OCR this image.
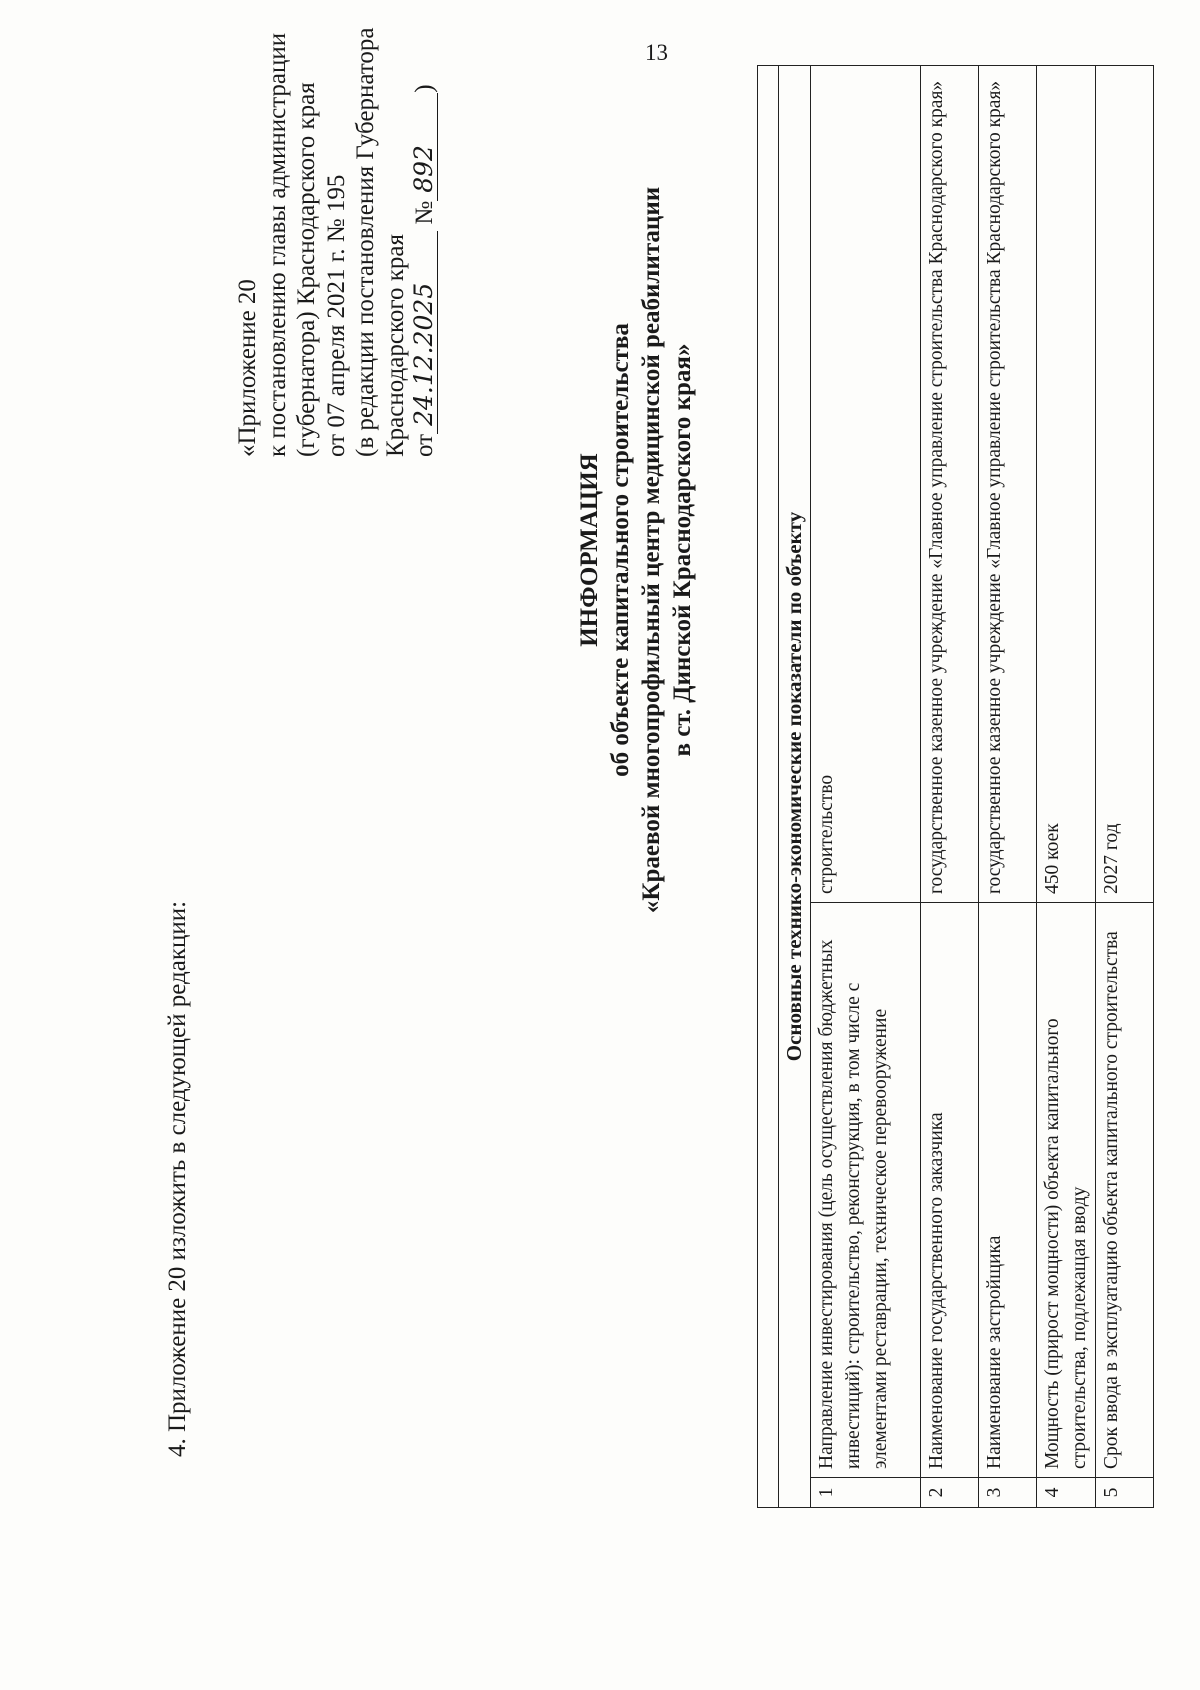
13
4. Приложение 20 изложить в следующей редакции:
«Приложение 20 к постановлению главы администрации (губернатора) Краснодарского края от 07 апреля 2021 г. № 195 (в редакции постановления Губернатора Краснодарского края от24.12.2025 №892)
ИНФОРМАЦИЯ об объекте капитального строительства «Краевой многопрофильный центр медицинской реабилитации в ст. Динской Краснодарского края»	Основные технико-экономические показатели по объекту		
1	Направление инвестирования (цель осуществления бюджетных инвестиций): строительство, реконструкция, в том числе с элементами реставрации, техническое перевооружение	строительство
2	Наименование государственного заказчика	государственное казенное учреждение «Главное управление строительства Краснодарского края»
3	Наименование застройщика	государственное казенное учреждение «Главное управление строительства Краснодарского края»
4	Мощность (прирост мощности) объекта капитального строительства, подлежащая вводу	450 коек
5	Срок ввода в эксплуатацию объекта капитального строительства	2027 год
